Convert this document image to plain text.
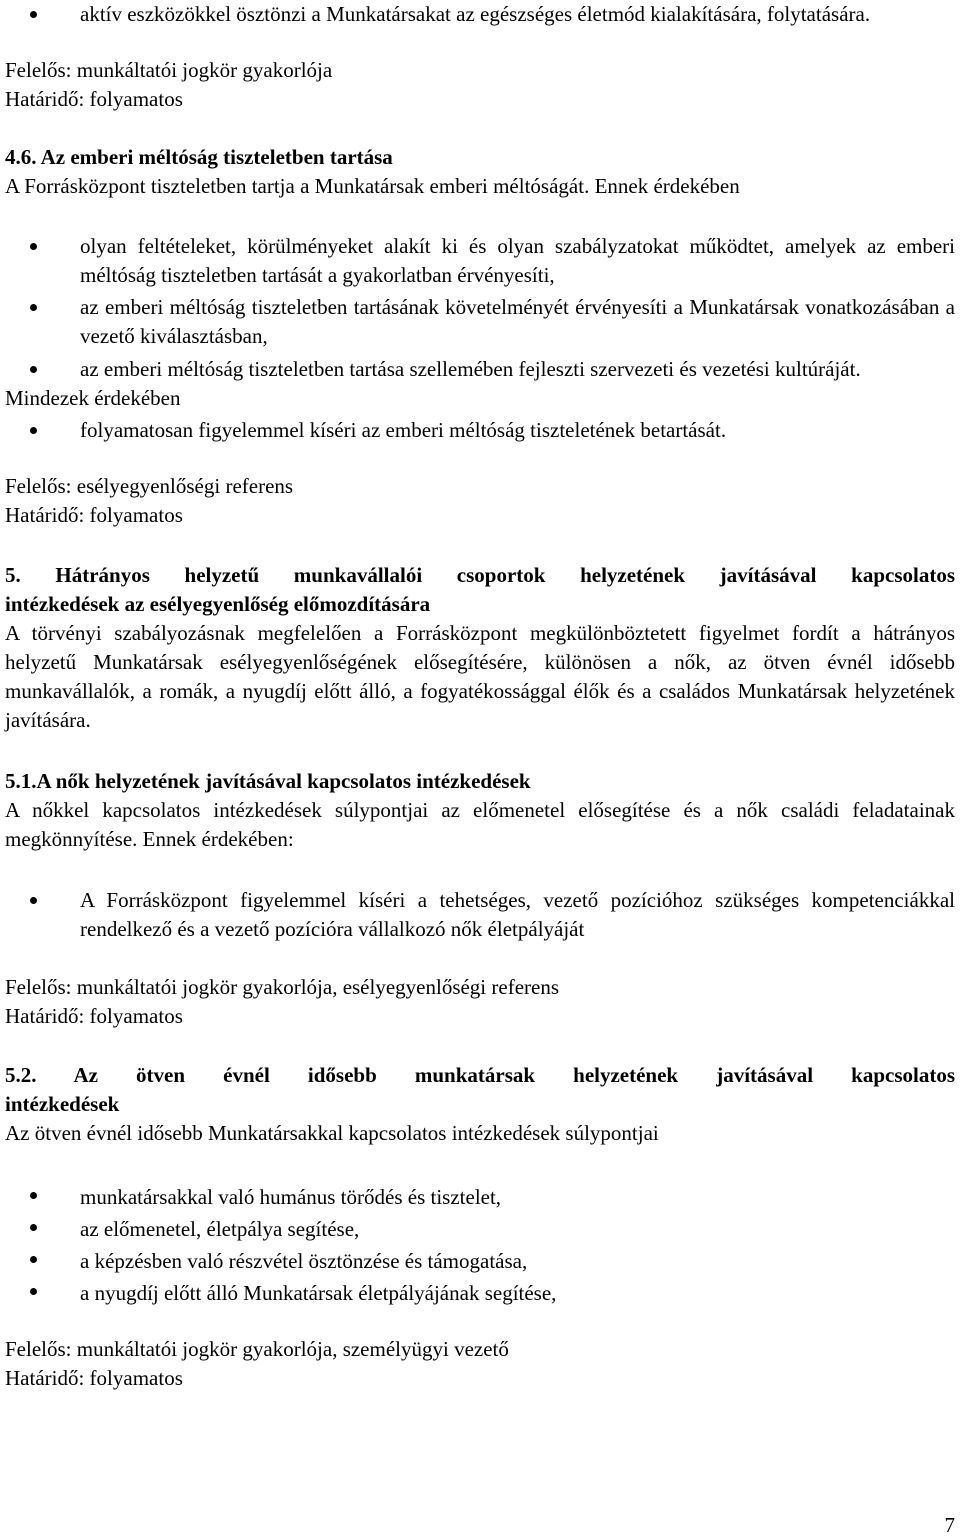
aktív eszközökkel ösztönzi a Munkatársakat az egészséges életmód kialakítására, folytatására.

Felelős: munkáltatói jogkör gyakorlója

Határidő: folyamatos

4.6. Az emberi méltóság tiszteletben tartása

A Forrásközpont tiszteletben tartja a Munkatársak emberi méltóságát. Ennek érdekében

olyan feltételeket, körülményeket alakít ki és olyan szabályzatokat működtet, amelyek az emberi méltóság tiszteletben tartását a gyakorlatban érvényesíti,
az emberi méltóság tiszteletben tartásának követelményét érvényesíti a Munkatársak vonatkozásában a vezető kiválasztásban,
az emberi méltóság tiszteletben tartása szellemében fejleszti szervezeti és vezetési kultúráját.

Mindezek érdekében

folyamatosan figyelemmel kíséri az emberi méltóság tiszteletének betartását.

Felelős: esélyegyenlőségi referens

Határidő: folyamatos

5. Hátrányos helyzetű munkavállalói csoportok helyzetének javításával kapcsolatos

intézkedések az esélyegyenlőség előmozdítására

A törvényi szabályozásnak megfelelően a Forrásközpont megkülönböztetett figyelmet fordít a hátrányos helyzetű Munkatársak esélyegyenlőségének elősegítésére, különösen a nők, az ötven évnél idősebb munkavállalók, a romák, a nyugdíj előtt álló, a fogyatékossággal élők és a családos Munkatársak helyzetének javítására.

5.1.A nők helyzetének javításával kapcsolatos intézkedések

A nőkkel kapcsolatos intézkedések súlypontjai az előmenetel elősegítése és a nők családi feladatainak megkönnyítése. Ennek érdekében:

A Forrásközpont figyelemmel kíséri a tehetséges, vezető pozícióhoz szükséges kompetenciákkal rendelkező és a vezető pozícióra vállalkozó nők életpályáját

Felelős: munkáltatói jogkör gyakorlója, esélyegyenlőségi referens

Határidő: folyamatos

5.2. Az ötven évnél idősebb munkatársak helyzetének javításával kapcsolatos

intézkedések

Az ötven évnél idősebb Munkatársakkal kapcsolatos intézkedések súlypontjai

munkatársakkal való humánus törődés és tisztelet,
az előmenetel, életpálya segítése,
a képzésben való részvétel ösztönzése és támogatása,
a nyugdíj előtt álló Munkatársak életpályájának segítése,

Felelős: munkáltatói jogkör gyakorlója, személyügyi vezető

Határidő: folyamatos

7
